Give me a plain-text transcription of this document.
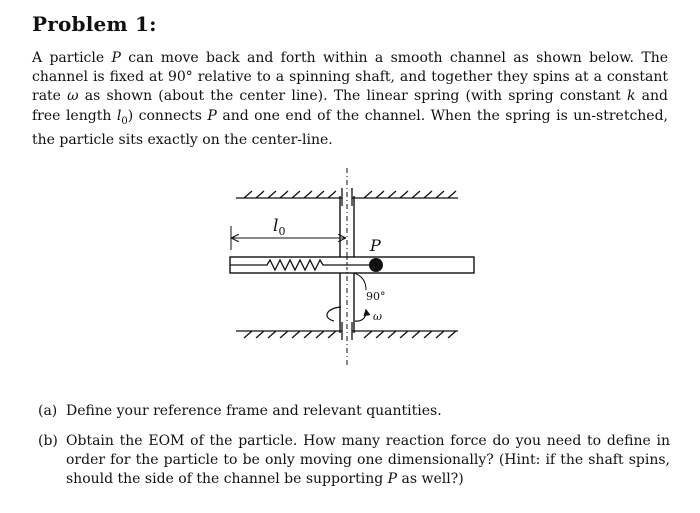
Problem 1:

A particle P can move back and forth within a smooth channel as shown below. The channel is fixed at 90° relative to a spinning shaft, and together they spins at a constant rate ω as shown (about the center line). The linear spring (with spring constant k and free length $l_0$) connects P and one end of the channel. When the spring is un-stretched, the particle sits exactly on the center-line.

P
$l_0$
90°
ω
(a) Define your reference frame and relevant quantities.
(b) Obtain the EOM of the particle. How many reaction force do you need to define in order for the particle to be only moving one dimensionally? (Hint: if the shaft spins, should the side of the channel be supporting P as well?)
